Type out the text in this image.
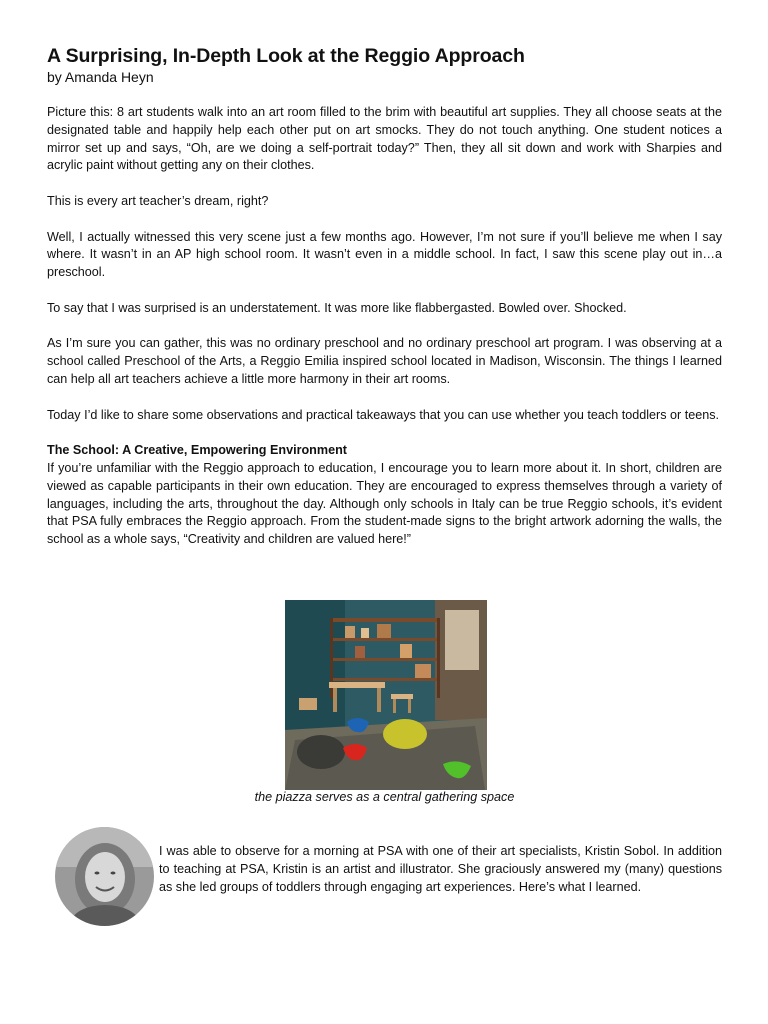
A Surprising, In-Depth Look at the Reggio Approach
by Amanda Heyn

Picture this: 8 art students walk into an art room filled to the brim with beautiful art supplies. They all choose seats at the designated table and happily help each other put on art smocks. They do not touch anything. One student notices a mirror set up and says, “Oh, are we doing a self-portrait today?” Then, they all sit down and work with Sharpies and acrylic paint without getting any on their clothes.

This is every art teacher’s dream, right?

Well, I actually witnessed this very scene just a few months ago. However, I’m not sure if you’ll believe me when I say where. It wasn’t in an AP high school room. It wasn’t even in a middle school. In fact, I saw this scene play out in…a preschool.

To say that I was surprised is an understatement. It was more like flabbergasted. Bowled over. Shocked.

As I’m sure you can gather, this was no ordinary preschool and no ordinary preschool art program. I was observing at a school called Preschool of the Arts, a Reggio Emilia inspired school located in Madison, Wisconsin. The things I learned can help all art teachers achieve a little more harmony in their art rooms.

Today I’d like to share some observations and practical takeaways that you can use whether you teach toddlers or teens.

The School: A Creative, Empowering Environment

If you’re unfamiliar with the Reggio approach to education, I encourage you to learn more about it. In short, children are viewed as capable participants in their own education. They are encouraged to express themselves through a variety of languages, including the arts, throughout the day. Although only schools in Italy can be true Reggio schools, it’s evident that PSA fully embraces the Reggio approach. From the student-made signs to the bright artwork adorning the walls, the school as a whole says, “Creativity and children are valued here!”

the piazza serves as a central gathering space

I was able to observe for a morning at PSA with one of their art specialists, Kristin Sobol. In addition to teaching at PSA, Kristin is an artist and illustrator. She graciously answered my (many) questions as she led groups of toddlers through engaging art experiences. Here’s what I learned.
